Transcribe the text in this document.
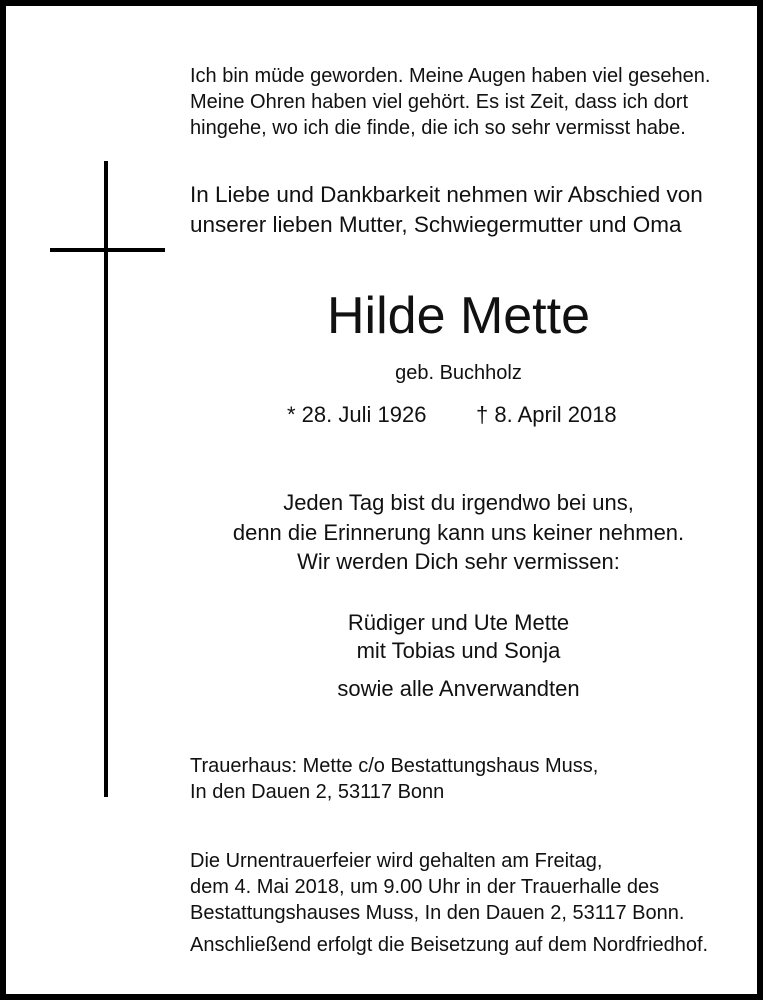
Ich bin müde geworden. Meine Augen haben viel gesehen.
Meine Ohren haben viel gehört. Es ist Zeit, dass ich dort
hingehe, wo ich die finde, die ich so sehr vermisst habe.
In Liebe und Dankbarkeit nehmen wir Abschied von
unserer lieben Mutter, Schwiegermutter und Oma
Hilde Mette
geb. Buchholz
* 28. Juli 1926 † 8. April 2018
Jeden Tag bist du irgendwo bei uns,
denn die Erinnerung kann uns keiner nehmen.
Wir werden Dich sehr vermissen:
Rüdiger und Ute Mette
mit Tobias und Sonja
sowie alle Anverwandten
Trauerhaus: Mette c/o Bestattungshaus Muss,
In den Dauen 2, 53117 Bonn
Die Urnentrauerfeier wird gehalten am Freitag,
dem 4. Mai 2018, um 9.00 Uhr in der Trauerhalle des
Bestattungshauses Muss, In den Dauen 2, 53117 Bonn.
Anschließend erfolgt die Beisetzung auf dem Nordfriedhof.
